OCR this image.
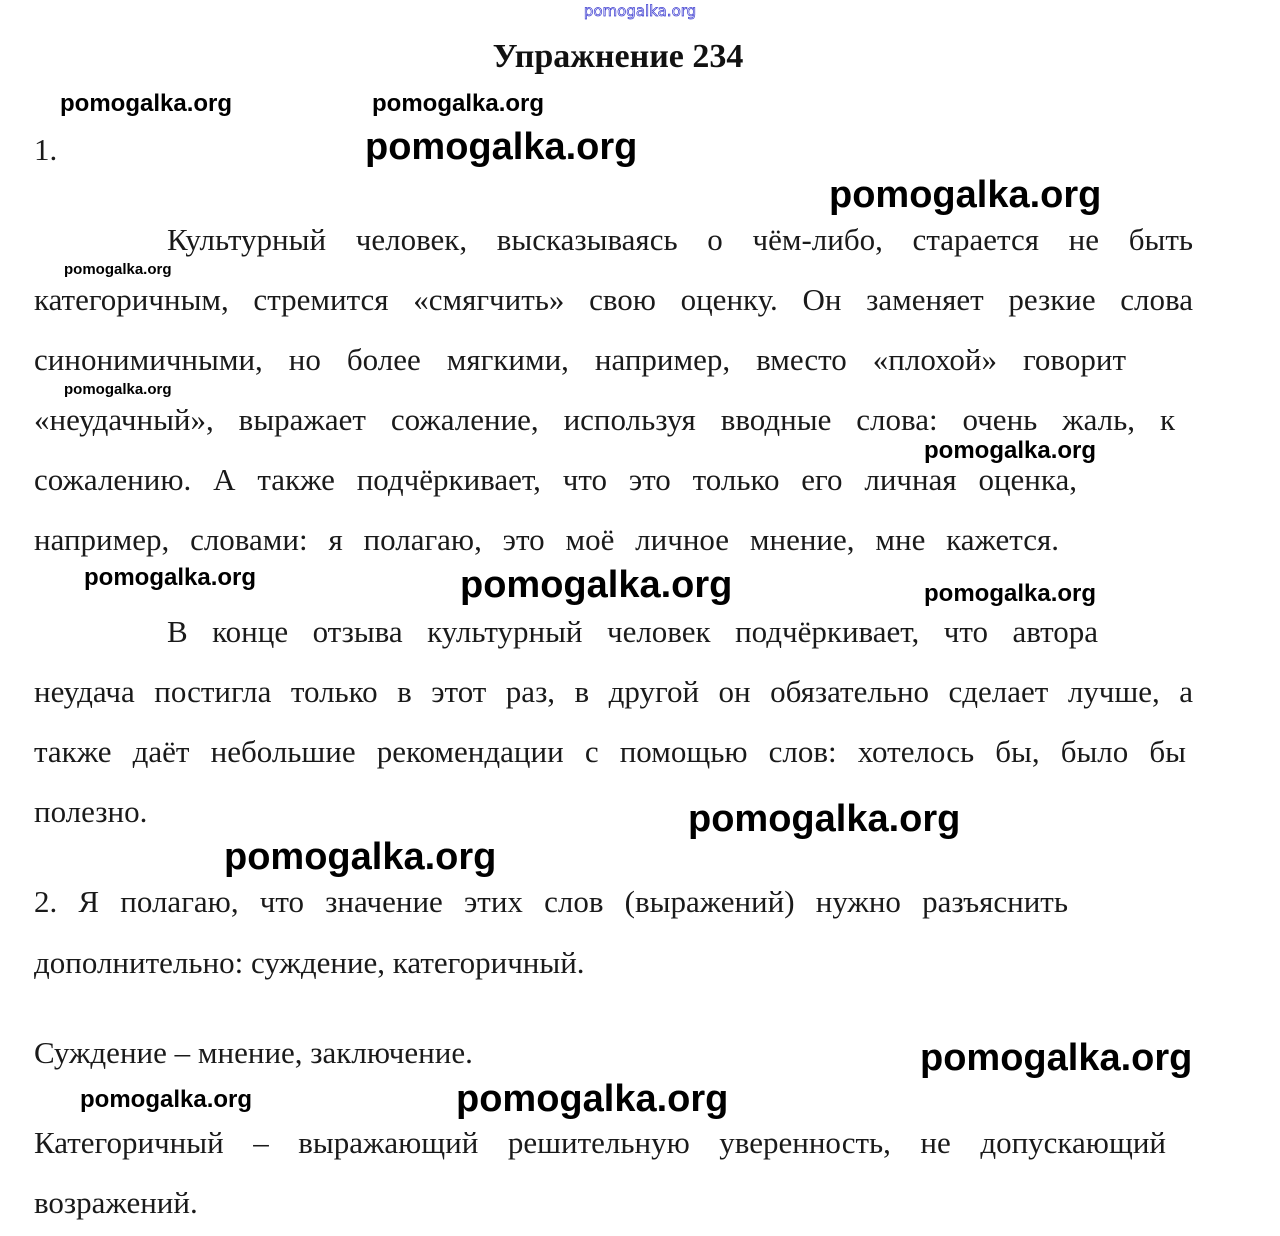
pomogalka.org
Упражнение 234
1.
Культурный человек, высказываясь о чём-либо, старается не быть
категоричным, стремится «смягчить» свою оценку. Он заменяет резкие слова
синонимичными, но более мягкими, например, вместо «плохой» говорит
«неудачный», выражает сожаление, используя вводные слова: очень жаль, к
сожалению. А также подчёркивает, что это только его личная оценка,
например, словами: я полагаю, это моё личное мнение, мне кажется.
В конце отзыва культурный человек подчёркивает, что автора
неудача постигла только в этот раз, в другой он обязательно сделает лучше, а
также даёт небольшие рекомендации с помощью слов: хотелось бы, было бы
полезно.
2. Я полагаю, что значение этих слов (выражений) нужно разъяснить
дополнительно: суждение, категоричный.
Суждение – мнение, заключение.
Категоричный – выражающий решительную уверенность, не допускающий
возражений.
pomogalka.org	pomogalka.org
pomogalka.org
pomogalka.org
pomogalka.org
pomogalka.org
pomogalka.org
pomogalka.org	pomogalka.org	pomogalka.org
pomogalka.org
pomogalka.org
pomogalka.org
pomogalka.org	pomogalka.org
